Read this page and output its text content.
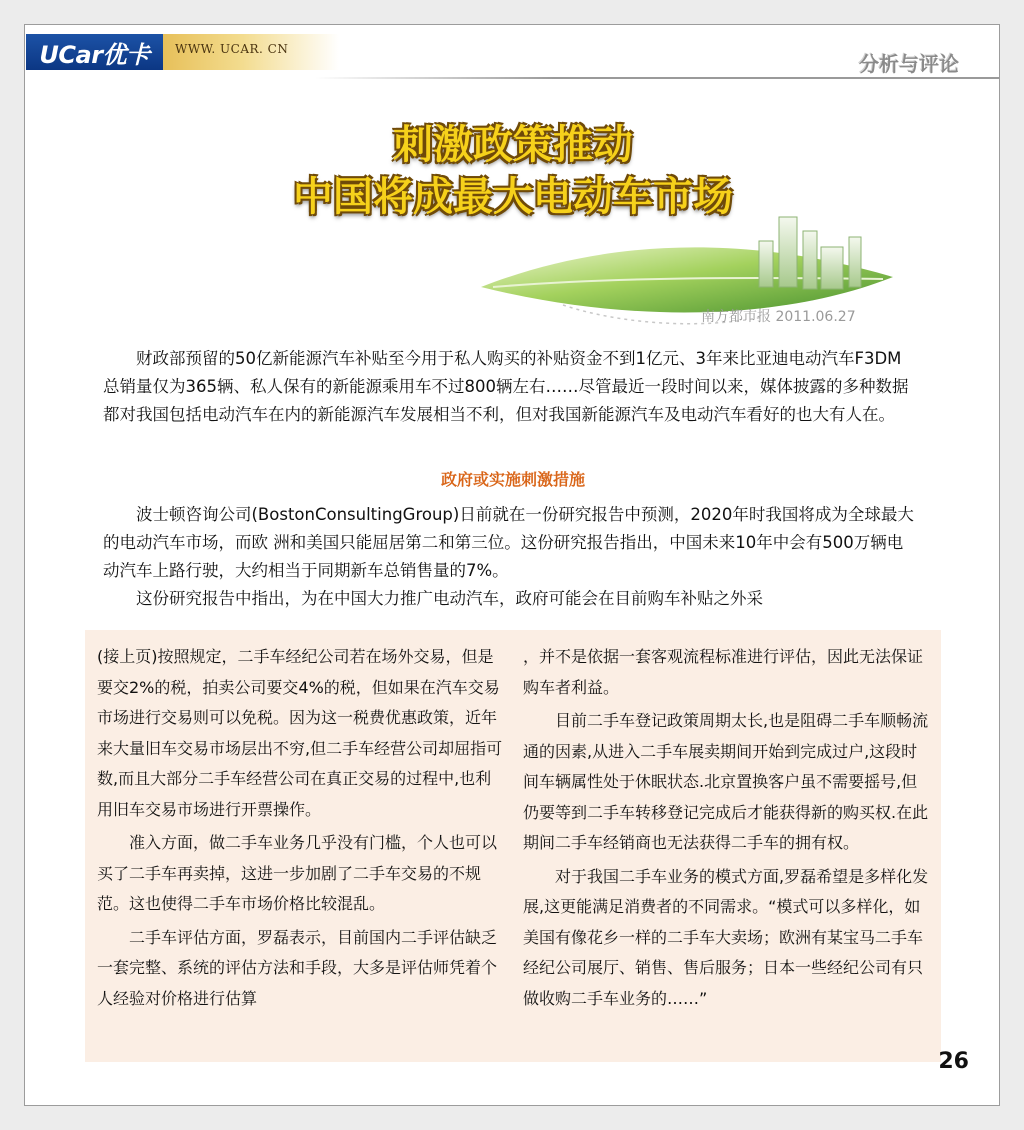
UCar优卡 WWW. UCAR. CN
分析与评论
刺激政策推动
中国将成最大电动车市场
南方都市报 2011.06.27

财政部预留的50亿新能源汽车补贴至今用于私人购买的补贴资金不到1亿元、3年来比亚迪电动汽车F3DM总销量仅为365辆、私人保有的新能源乘用车不过800辆左右……尽管最近一段时间以来，媒体披露的多种数据都对我国包括电动汽车在内的新能源汽车发展相当不利，但对我国新能源汽车及电动汽车看好的也大有人在。

政府或实施刺激措施

波士顿咨询公司(BostonConsultingGroup)日前就在一份研究报告中预测，2020年时我国将成为全球最大的电动汽车市场，而欧 洲和美国只能屈居第二和第三位。这份研究报告指出，中国未来10年中会有500万辆电动汽车上路行驶，大约相当于同期新车总销售量的7%。

这份研究报告中指出，为在中国大力推广电动汽车，政府可能会在目前购车补贴之外采

(接上页)按照规定，二手车经纪公司若在场外交易，但是要交2%的税，拍卖公司要交4%的税，但如果在汽车交易市场进行交易则可以免税。因为这一税费优惠政策，近年来大量旧车交易市场层出不穷,但二手车经营公司却屈指可数,而且大部分二手车经营公司在真正交易的过程中,也利用旧车交易市场进行开票操作。

准入方面，做二手车业务几乎没有门槛，个人也可以买了二手车再卖掉，这进一步加剧了二手车交易的不规范。这也使得二手车市场价格比较混乱。

二手车评估方面，罗磊表示，目前国内二手评估缺乏一套完整、系统的评估方法和手段，大多是评估师凭着个人经验对价格进行估算

，并不是依据一套客观流程标准进行评估，因此无法保证购车者利益。

目前二手车登记政策周期太长,也是阻碍二手车顺畅流通的因素,从进入二手车展卖期间开始到完成过户,这段时间车辆属性处于休眠状态.北京置换客户虽不需要摇号,但仍要等到二手车转移登记完成后才能获得新的购买权.在此期间二手车经销商也无法获得二手车的拥有权。

对于我国二手车业务的模式方面,罗磊希望是多样化发展,这更能满足消费者的不同需求。“模式可以多样化，如美国有像花乡一样的二手车大卖场；欧洲有某宝马二手车经纪公司展厅、销售、售后服务；日本一些经纪公司有只做收购二手车业务的……”

26
